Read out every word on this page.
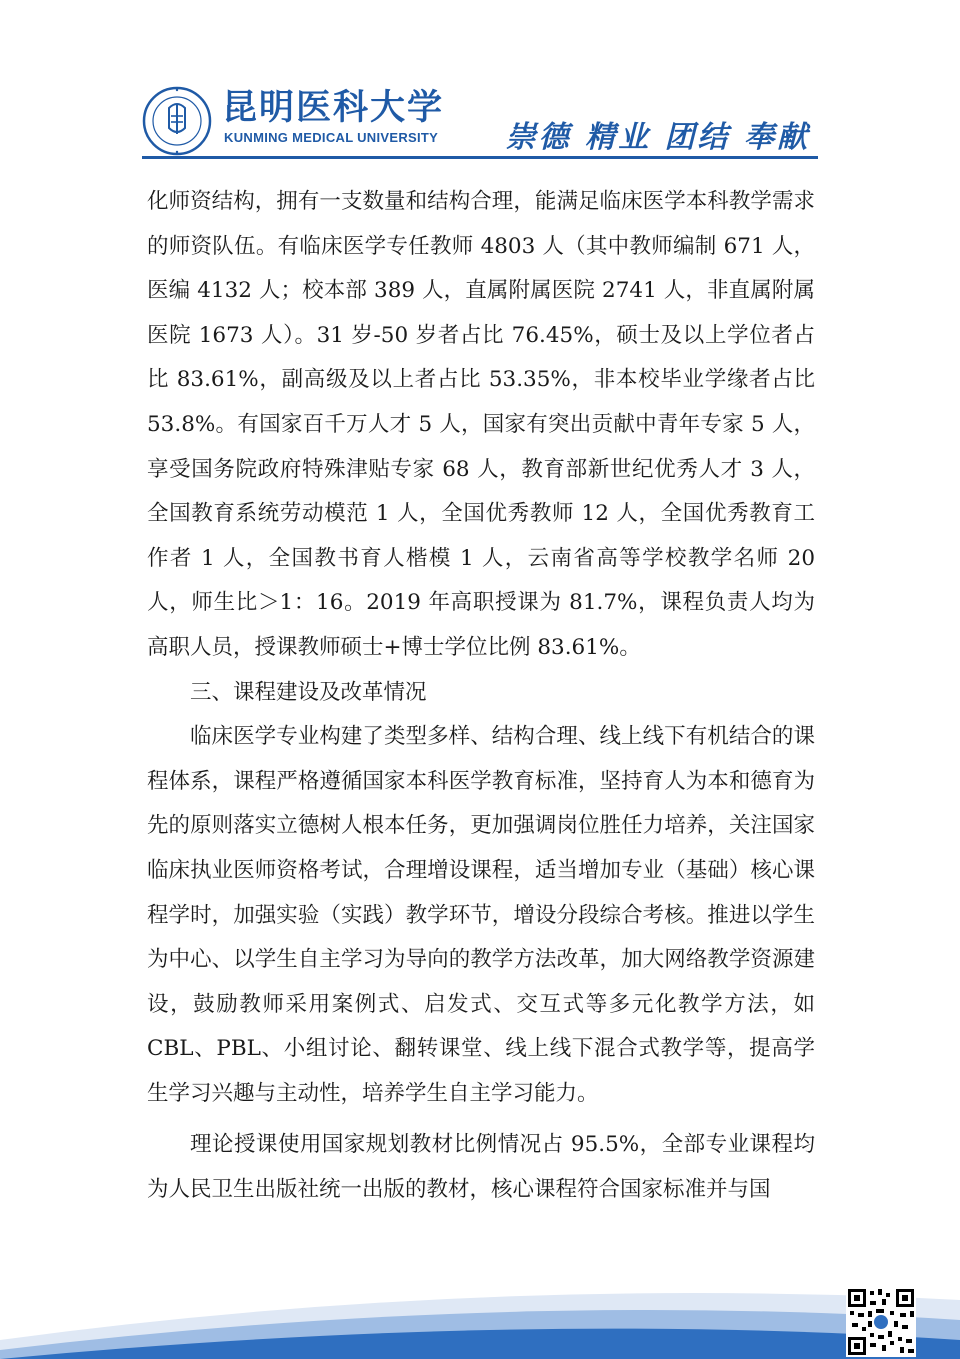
昆明医科大学
KUNMING MEDICAL UNIVERSITY 崇德 精业 团结 奉献

化师资结构，拥有一支数量和结构合理，能满足临床医学本科教学需求的师资队伍。有临床医学专任教师 4803 人（其中教师编制 671 人，医编 4132 人；校本部 389 人，直属附属医院 2741 人，非直属附属医院 1673 人）。31 岁-50 岁者占比 76.45%，硕士及以上学位者占比 83.61%，副高级及以上者占比 53.35%，非本校毕业学缘者占比 53.8%。有国家百千万人才 5 人，国家有突出贡献中青年专家 5 人，享受国务院政府特殊津贴专家 68 人，教育部新世纪优秀人才 3 人，全国教育系统劳动模范 1 人，全国优秀教师 12 人，全国优秀教育工作者 1 人，全国教书育人楷模 1 人，云南省高等学校教学名师 20 人，师生比＞1：16。2019 年高职授课为 81.7%，课程负责人均为高职人员，授课教师硕士+博士学位比例 83.61%。

三、课程建设及改革情况

临床医学专业构建了类型多样、结构合理、线上线下有机结合的课程体系，课程严格遵循国家本科医学教育标准，坚持育人为本和德育为先的原则落实立德树人根本任务，更加强调岗位胜任力培养，关注国家临床执业医师资格考试，合理增设课程，适当增加专业（基础）核心课程学时，加强实验（实践）教学环节，增设分段综合考核。推进以学生为中心、以学生自主学习为导向的教学方法改革，加大网络教学资源建设，鼓励教师采用案例式、启发式、交互式等多元化教学方法，如 CBL、PBL、小组讨论、翻转课堂、线上线下混合式教学等，提高学生学习兴趣与主动性，培养学生自主学习能力。

理论授课使用国家规划教材比例情况占 95.5%，全部专业课程均为人民卫生出版社统一出版的教材，核心课程符合国家标准并与国
